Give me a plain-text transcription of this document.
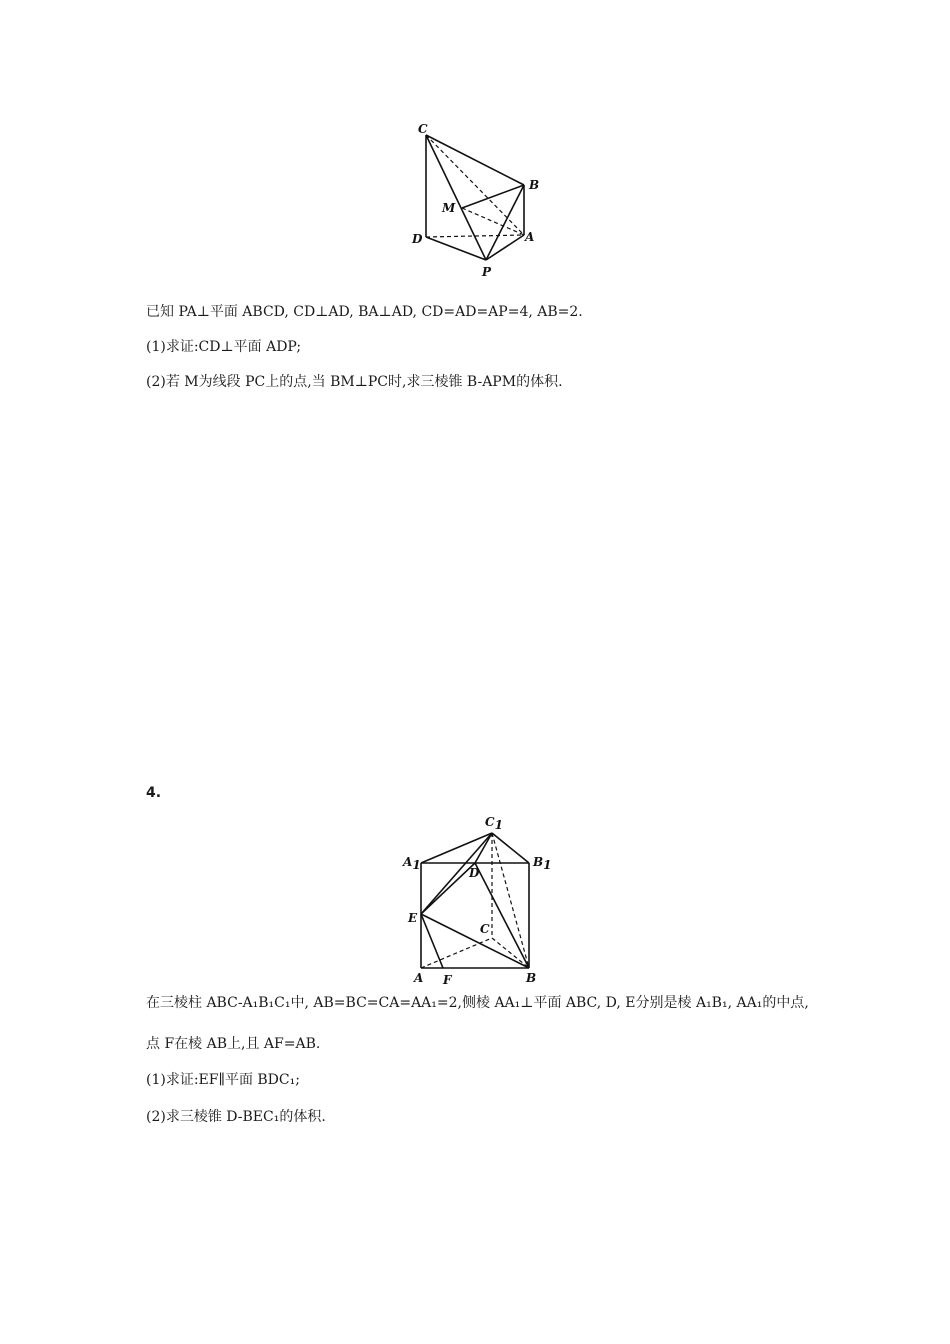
C
B
M
D	A
P
已知 PA⊥平面 ABCD, CD⊥AD, BA⊥AD, CD=AD=AP=4, AB=2.
(1)求证:CD⊥平面 ADP;
(2)若 M为线段 PC上的点,当 BM⊥PC时,求三棱锥 B-APM的体积.
4.
C1
A1	B1
D
E
C
A F	B
在三棱柱 ABC-A₁B₁C₁中, AB=BC=CA=AA₁=2,侧棱 AA₁⊥平面 ABC, D, E分别是棱 A₁B₁, AA₁的中点,
点 F在棱 AB上,且 AF=AB.
(1)求证:EF∥平面 BDC₁;
(2)求三棱锥 D-BEC₁的体积.
